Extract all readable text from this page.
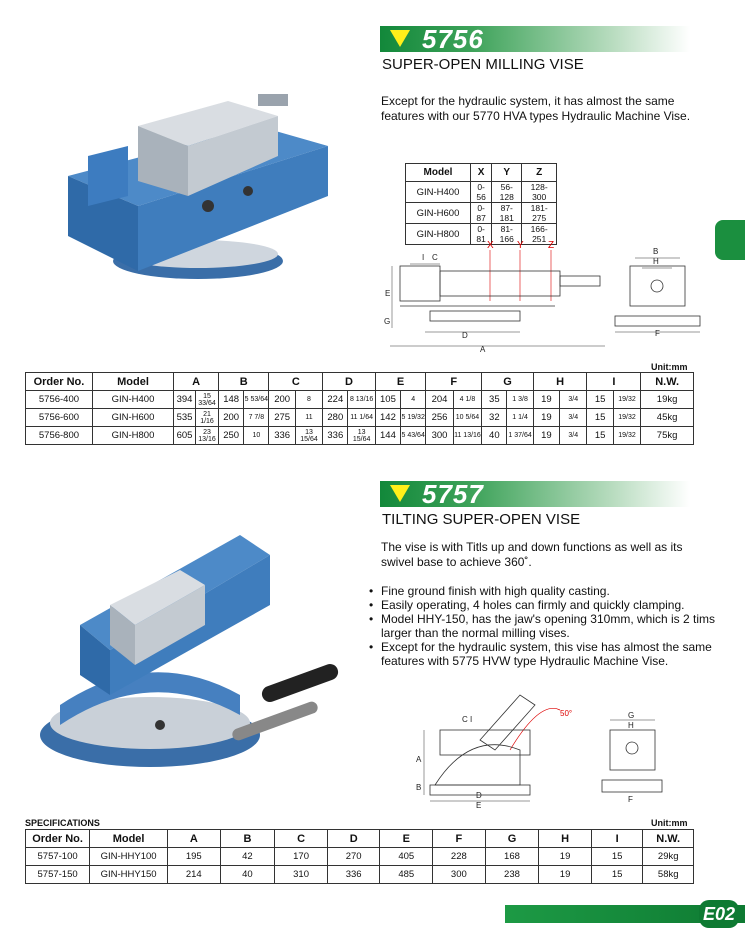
5756
SUPER-OPEN MILLING VISE
Except for the hydraulic system, it has almost the same features with our 5770 HVA types Hydraulic Machine Vise.
Model	X	Y	Z
GIN-H400	0-56	56-128	128-300
GIN-H600	0-87	87-181	181-275
GIN-H800	0-81	81-166	166-251
X Y Z
I C
E
G
D
A
B
H
F
Unit:mm
Order No.	Model	A		B		C		D		E		F		G		H		I		N.W.
5756-400	GIN-H400	394	15 33/64	148	5 53/64	200	8	224	8 13/16	105	4	204	4 1/8	35	1 3/8	19	3/4	15	19/32	19kg
5756-600	GIN-H600	535	21 1/16	200	7 7/8	275	11	280	11 1/64	142	5 19/32	256	10 5/64	32	1 1/4	19	3/4	15	19/32	45kg
5756-800	GIN-H800	605	23 13/16	250	10	336	13 15/64	336	13 15/64	144	5 43/64	300	11 13/16	40	1 37/64	19	3/4	15	19/32	75kg
5757
TILTING SUPER-OPEN VISE
The vise is with Titls up and down functions as well as its swivel base to achieve 360˚.
• Fine ground finish with high quality casting.
• Easily operating, 4 holes can firmly and quickly clamping.
• Model HHY-150, has the jaw's opening 310mm, which is 2 tims larger than the normal milling vises.
• Except for the hydraulic system, this vise has almost the same features with 5775 HVW type Hydraulic Machine Vise.
50°
C I
A
B
D
E
G
H
F
SPECIFICATIONS	Unit:mm
Order No.	Model	A	B	C	D	E	F	G	H	I	N.W.
5757-100	GIN-HHY100	195	42	170	270	405	228	168	19	15	29kg
5757-150	GIN-HHY150	214	40	310	336	485	300	238	19	15	58kg
E02
